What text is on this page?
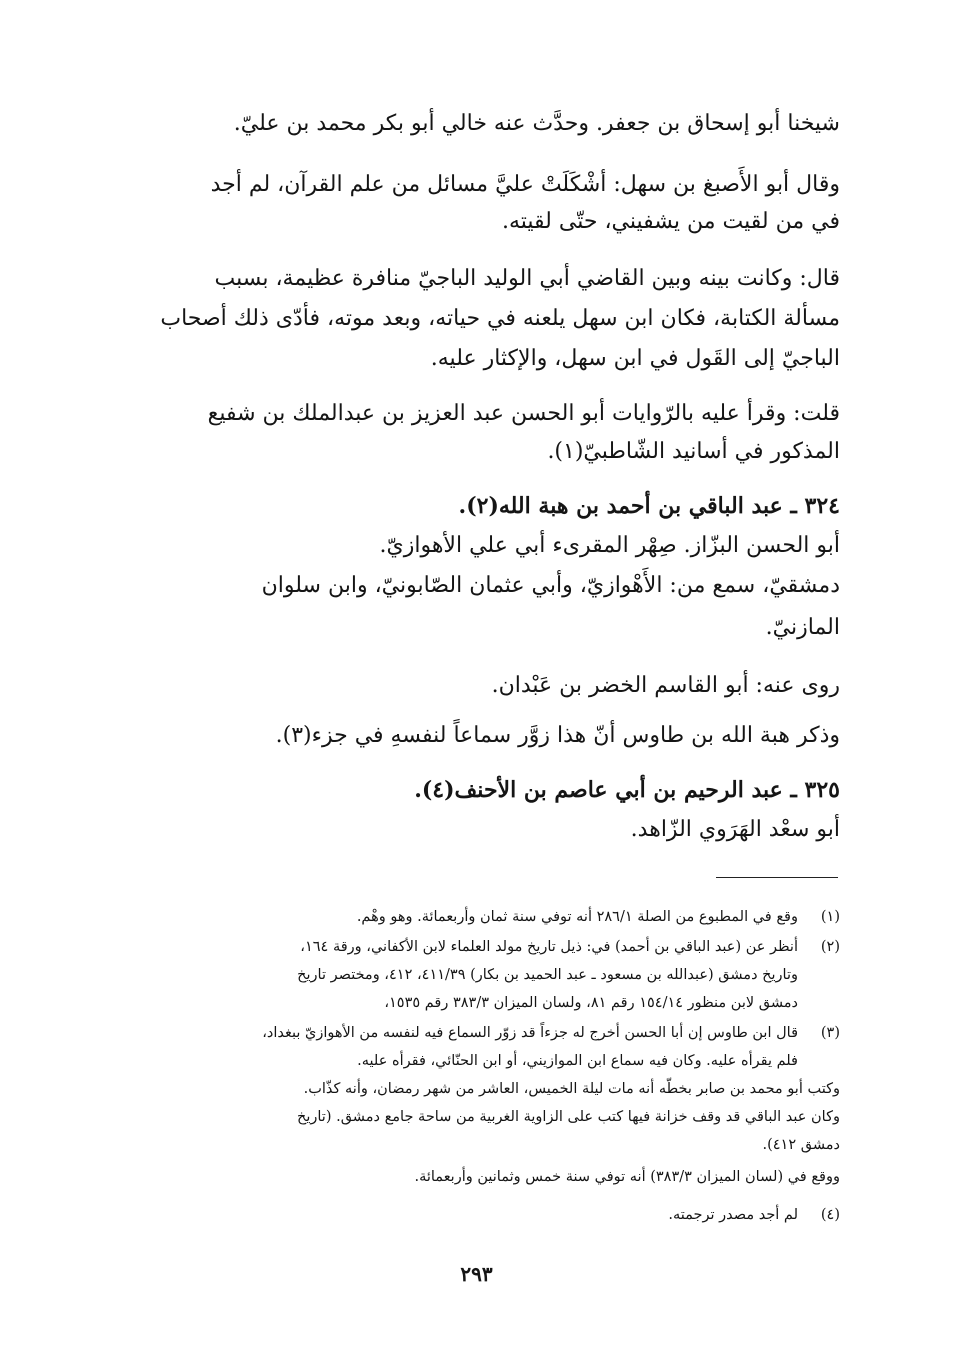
شيخنا أبو إسحاق بن جعفر. وحدَّث عنه خالي أبو بكر محمد بن عليّ.
وقال أبو الأَصبغ بن سهل: أشْكَلَتْ عليَّ مسائل من علم القرآن، لم أجد
في من لقيت من يشفيني، حتّى لقيته.
قال: وكانت بينه وبين القاضي أبي الوليد الباجيّ منافرة عظيمة، بسبب
مسألة الكتابة، فكان ابن سهل يلعنه في حياته، وبعد موته، فأدّى ذلك أصحاب
الباجيّ إلى القَول في ابن سهل، والإكثار عليه.
قلت: وقرأ عليه بالرّوايات أبو الحسن عبد العزيز بن عبدالملك بن شفيع
المذكور في أسانيد الشّاطبيّ(١).
٣٢٤ ـ عبد الباقي بن أحمد بن هبة الله(٢).
أبو الحسن البزّاز. صِهْر المقرىء أبي علي الأهوازيّ.
دمشقيّ، سمع من: الأَهْوازيّ، وأبي عثمان الصّابونيّ، وابن سلوان
المازنيّ.
روى عنه: أبو القاسم الخضر بن عَبْدان.
وذكر هبة الله بن طاوس أنّ هذا زوَّر سماعاً لنفسهِ في جزء(٣).
٣٢٥ ـ عبد الرحيم بن أبي عاصم بن الأحنف(٤).
أبو سعْد الهَرَوي الزّاهد.
(١)
وقع في المطبوع من الصلة ٢٨٦/١ أنه توفي سنة ثمان وأربعمائة. وهو وهْم.
(٢)
أنظر عن (عبد الباقي بن أحمد) في: ذيل تاريخ مولد العلماء لابن الأكفاني، ورقة ١٦٤،
وتاريخ دمشق (عبدالله بن مسعود ـ عبد الحميد بن بكار) ٤١١/٣٩، ٤١٢، ومختصر تاريخ
دمشق لابن منظور ١٥٤/١٤ رقم ٨١، ولسان الميزان ٣٨٣/٣ رقم ١٥٣٥،
(٣)
قال ابن طاوس إن أبا الحسن أخرج له جزءاً قد زوّر السماع فيه لنفسه من الأهوازيّ ببغداد،
فلم يقرأه عليه. وكان فيه سماع ابن الموازيني، أو ابن الحنّائي، فقرأه عليه.
وكتب أبو محمد بن صابر بخطّه أنه مات ليلة الخميس، العاشر من شهر رمضان، وأنه كذّاب.
وكان عبد الباقي قد وقف خزانة فيها كتب على الزاوية الغربية من ساحة جامع دمشق. (تاريخ
دمشق ٤١٢).
ووقع في (لسان الميزان ٣٨٣/٣) أنه توفي سنة خمس وثمانين وأربعمائة.
(٤)
لم أجد مصدر ترجمته.
٢٩٣
